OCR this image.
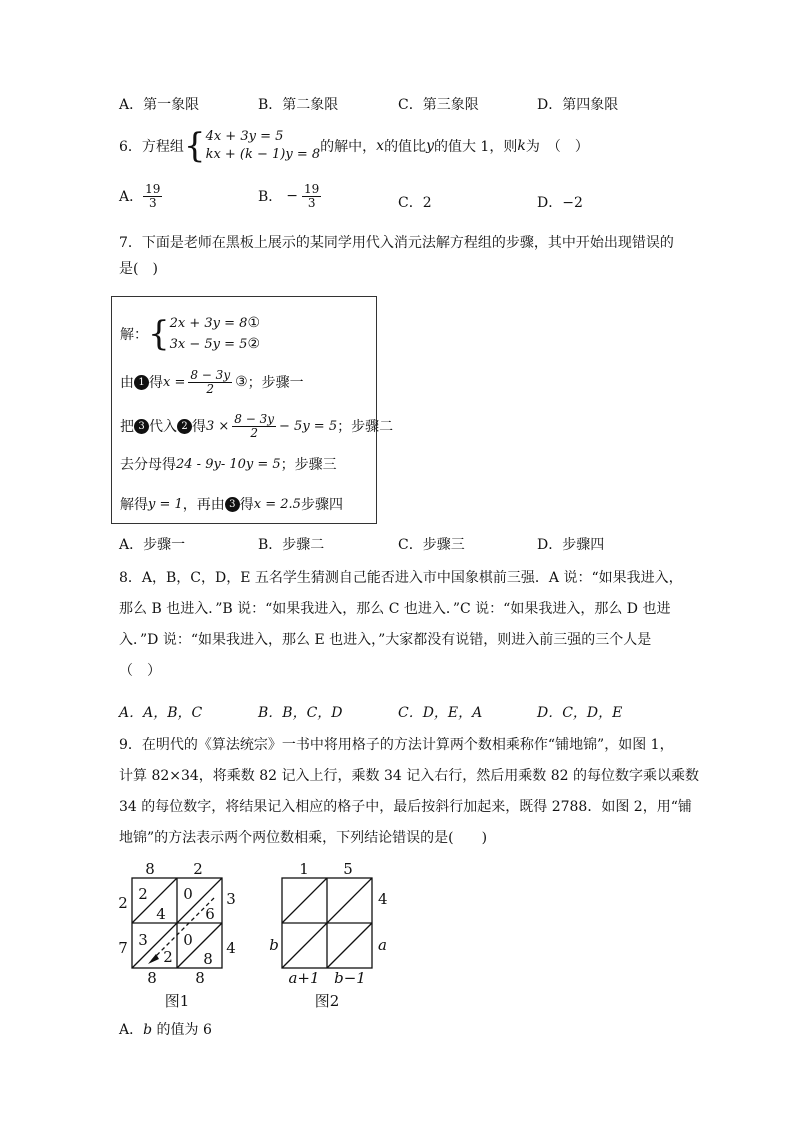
A．第一象限	B．第二象限	C．第三象限	D．第四象限
6．方程组 { 4x + 3y = 5
kx + (k − 1)y = 8 的解中， x 的值比 y 的值大 1，则 k 为　（　）
A． $\frac{19}{3}$	B． − $\frac{19}{3}$	C．2	D．−2
7．下面是老师在黑板上展示的某同学用代入消元法解方程组的步骤，其中开始出现错误的
是(　)
解： { 2x + 3y = 8①
3x − 5y = 5②
由 1 得 $x = \frac{8 - 3y}{2}$ ③ ；步骤一
把 3 代入 2 得 $3 \times \frac{8 - 3y}{2} - 5y = 5$ ；步骤二
去分母得 24 - 9y- 10y = 5 ；步骤三
解得 y = 1 ，再由 3 得 x = 2.5 步骤四
A．步骤一	B．步骤二	C．步骤三	D．步骤四
8．A，B，C，D，E 五名学生猜测自己能否进入市中国象棋前三强．A 说：“如果我进入，
那么 B 也进入．”B 说：“如果我进入，那么 C 也进入．”C 说：“如果我进入，那么 D 也进
入．”D 说：“如果我进入，那么 E 也进入，”大家都没有说错，则进入前三强的三个人是
（　）
A．A，B，C	B．B，C，D	C．D，E，A	D．C，D，E
9．在明代的《算法统宗》一书中将用格子的方法计算两个数相乘称作“铺地锦”，如图 1，
计算 82×34，将乘数 82 记入上行，乘数 34 记入右行，然后用乘数 82 的每位数字乘以乘数
34 的每位数字，将结果记入相应的格子中，最后按斜行加起来，既得 2788．如图 2，用“铺
地锦”的方法表示两个两位数相乘，下列结论错误的是(　　)
8	2
2
7
3
4
8	8
2
4
0
6
3
2
0
8
图1
1 5
4
a
b
a+1 b−1
图2
A．b 的值为 6
